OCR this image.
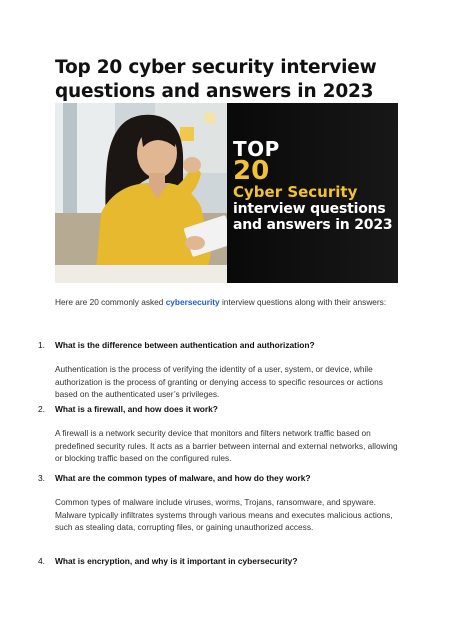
Top 20 cyber security interview questions and answers in 2023
TOP
20
Cyber Security
interview questions
and answers in 2023
Here are 20 commonly asked cybersecurity interview questions along with their answers:
1.	What is the difference between authentication and authorization?
Authentication is the process of verifying the identity of a user, system, or device, while authorization is the process of granting or denying access to specific resources or actions based on the authenticated user’s privileges.
2.	What is a firewall, and how does it work?
A firewall is a network security device that monitors and filters network traffic based on predefined security rules. It acts as a barrier between internal and external networks, allowing or blocking traffic based on the configured rules.
3.	What are the common types of malware, and how do they work?
Common types of malware include viruses, worms, Trojans, ransomware, and spyware. Malware typically infiltrates systems through various means and executes malicious actions, such as stealing data, corrupting files, or gaining unauthorized access.
4.	What is encryption, and why is it important in cybersecurity?
